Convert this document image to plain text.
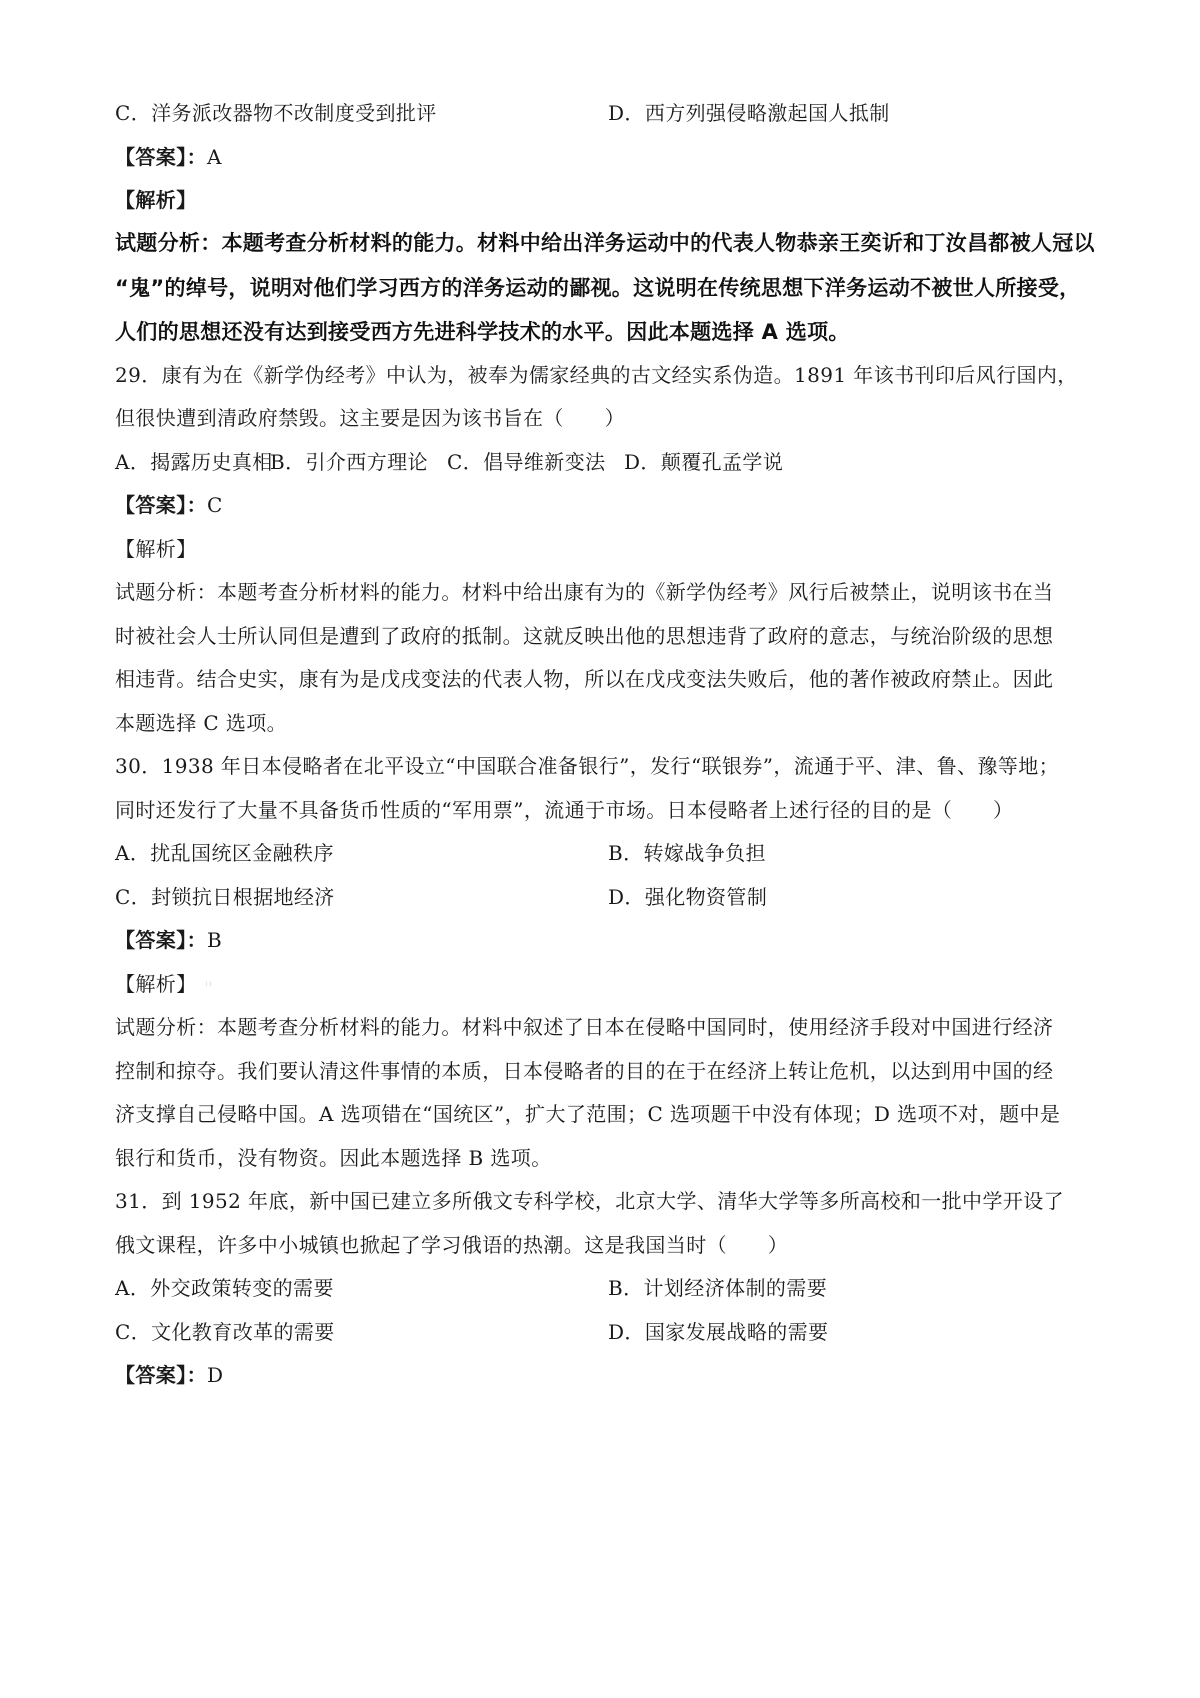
C．洋务派改器物不改制度受到批评	D．西方列强侵略激起国人抵制
【答案】：A
【解析】
试题分析：本题考查分析材料的能力。材料中给出洋务运动中的代表人物恭亲王奕䜣和丁汝昌都被人冠以
“鬼”的绰号，说明对他们学习西方的洋务运动的鄙视。这说明在传统思想下洋务运动不被世人所接受，
人们的思想还没有达到接受西方先进科学技术的水平。因此本题选择 A 选项。
29．康有为在《新学伪经考》中认为，被奉为儒家经典的古文经实系伪造。1891 年该书刊印后风行国内，
但很快遭到清政府禁毁。这主要是因为该书旨在（　　）
A．揭露历史真相B．引介西方理论 C．倡导维新变法 D．颠覆孔孟学说
【答案】：C
【解析】
试题分析：本题考查分析材料的能力。材料中给出康有为的《新学伪经考》风行后被禁止，说明该书在当
时被社会人士所认同但是遭到了政府的抵制。这就反映出他的思想违背了政府的意志，与统治阶级的思想
相违背。结合史实，康有为是戊戌变法的代表人物，所以在戊戌变法失败后，他的著作被政府禁止。因此
本题选择 C 选项。
30．1938 年日本侵略者在北平设立“中国联合准备银行”，发行“联银券”，流通于平、津、鲁、豫等地；
同时还发行了大量不具备货币性质的“军用票”，流通于市场。日本侵略者上述行径的目的是（　　）
A．扰乱国统区金融秩序	B．转嫁战争负担
C．封锁抗日根据地经济	D．强化物资管制
【答案】：B
【解析】 （ ）
试题分析：本题考查分析材料的能力。材料中叙述了日本在侵略中国同时，使用经济手段对中国进行经济
控制和掠夺。我们要认清这件事情的本质，日本侵略者的目的在于在经济上转让危机，以达到用中国的经
济支撑自己侵略中国。A 选项错在“国统区”，扩大了范围；C 选项题干中没有体现；D 选项不对，题中是
银行和货币，没有物资。因此本题选择 B 选项。
31．到 1952 年底，新中国已建立多所俄文专科学校，北京大学、清华大学等多所高校和一批中学开设了
俄文课程，许多中小城镇也掀起了学习俄语的热潮。这是我国当时（　　）
A．外交政策转变的需要	B．计划经济体制的需要
C．文化教育改革的需要	D．国家发展战略的需要
【答案】：D
